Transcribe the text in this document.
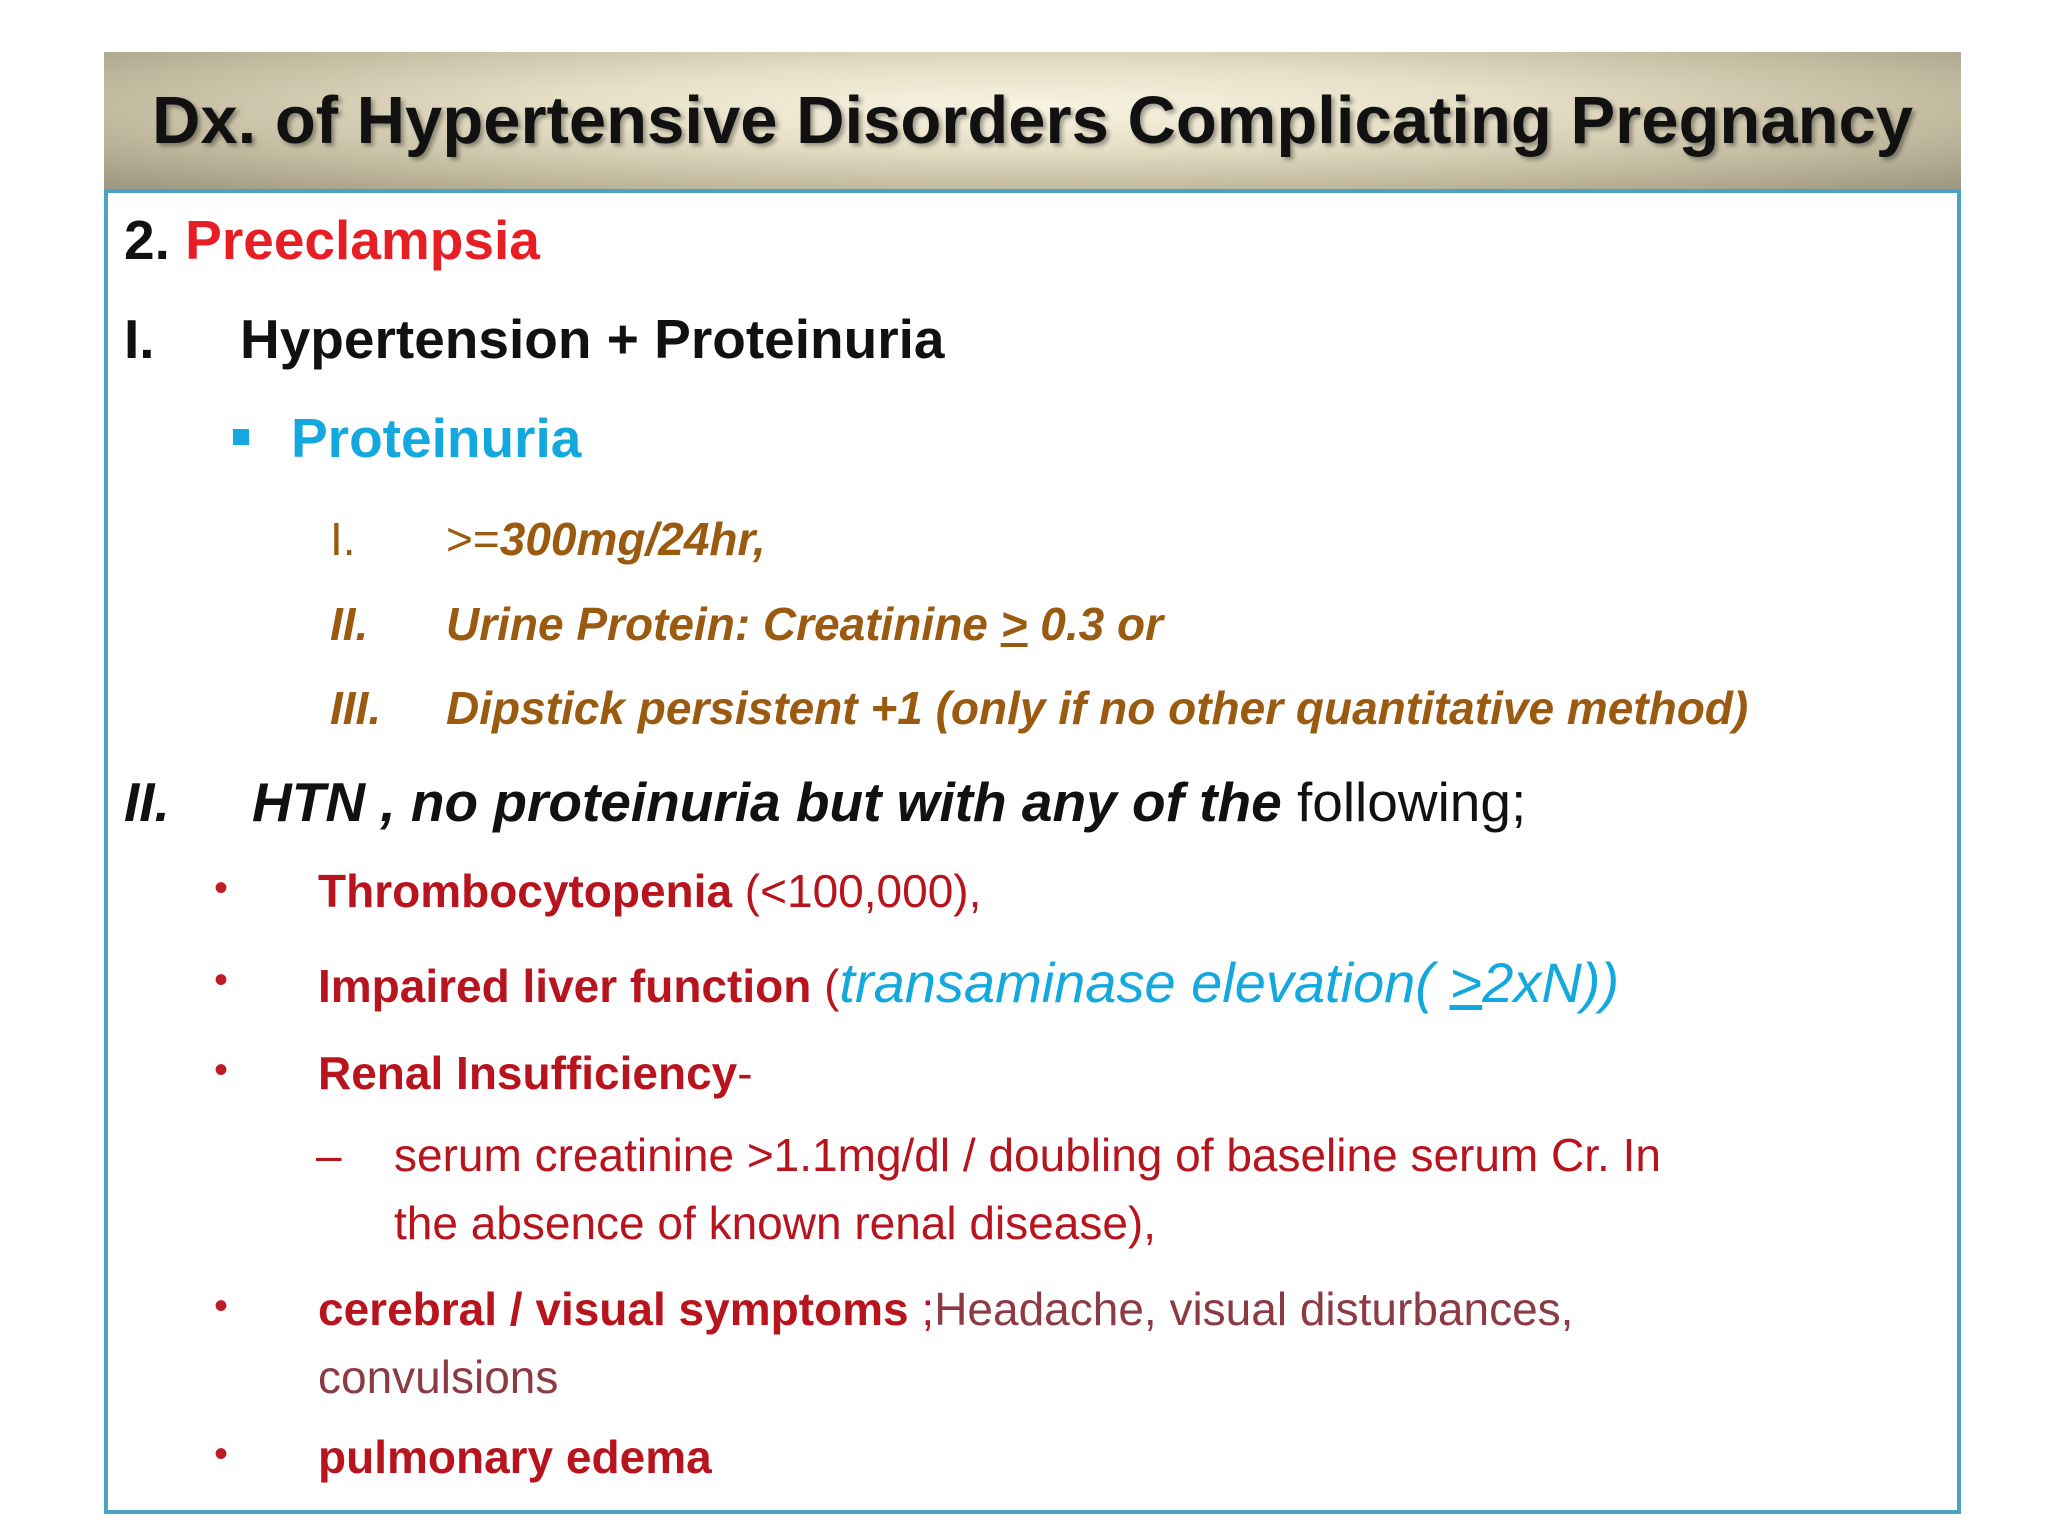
Dx. of Hypertensive Disorders Complicating Pregnancy
2. Preeclampsia
I. Hypertension + Proteinuria
Proteinuria
I. >=300mg/24hr,
II. Urine Protein: Creatinine ≥ 0.3 or
III. Dipstick persistent +1 (only if no other quantitative method)
II. HTN , no proteinuria but with any of the following;
• Thrombocytopenia (<100,000),
• Impaired liver function (transaminase elevation( ≥2xN))
• Renal Insufficiency-
– serum creatinine >1.1mg/dl / doubling of baseline serum Cr. In
the absence of known renal disease),
• cerebral / visual symptoms ;Headache, visual disturbances,
convulsions
• pulmonary edema
